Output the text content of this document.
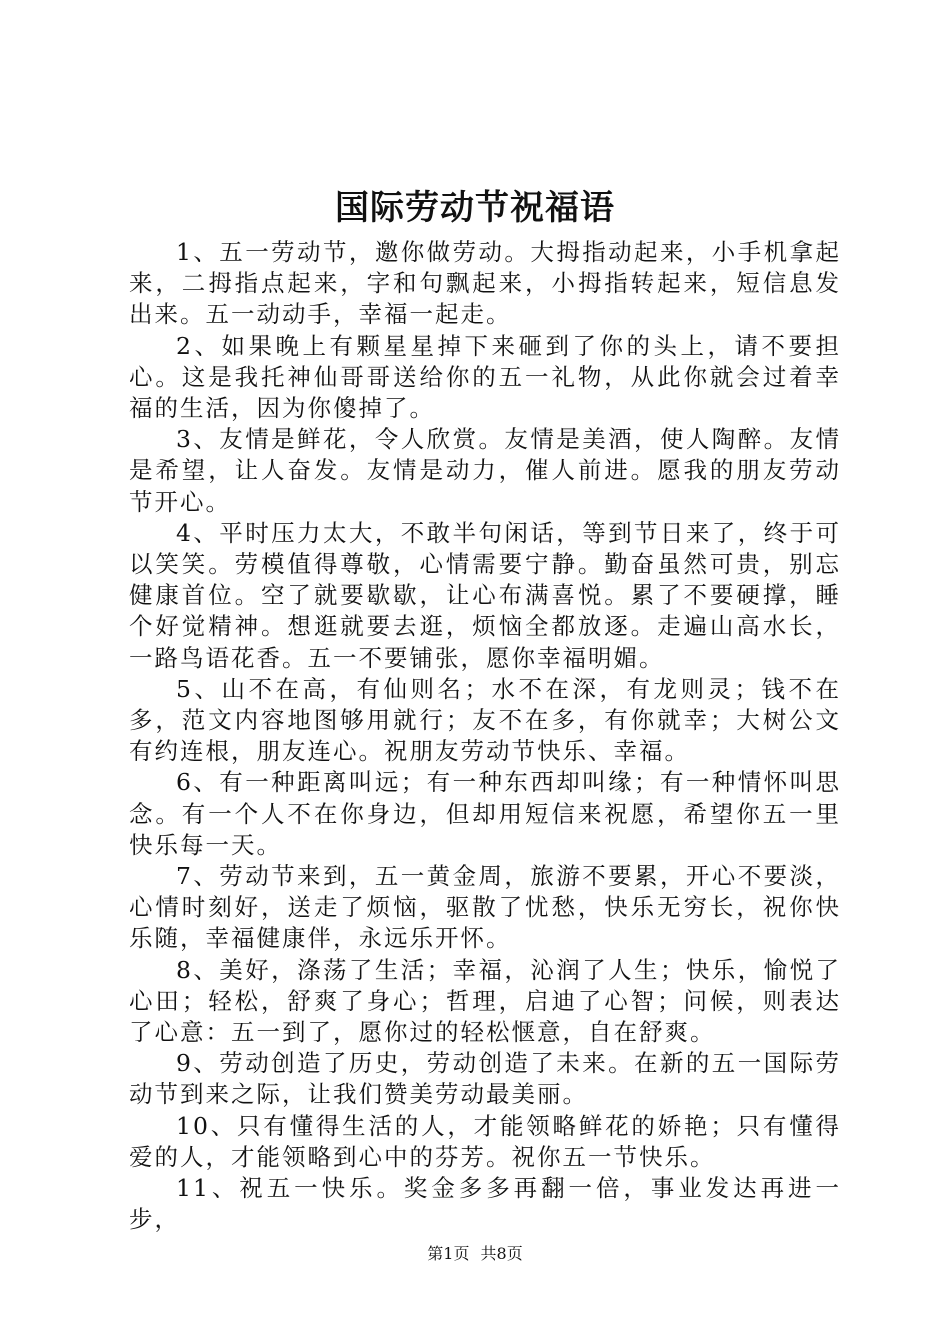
国际劳动节祝福语

1、五一劳动节，邀你做劳动。大拇指动起来，小手机拿起来，二拇指点起来，字和句飘起来，小拇指转起来，短信息发出来。五一动动手，幸福一起走。

2、如果晚上有颗星星掉下来砸到了你的头上，请不要担心。这是我托神仙哥哥送给你的五一礼物，从此你就会过着幸福的生活，因为你傻掉了。

3、友情是鲜花，令人欣赏。友情是美酒，使人陶醉。友情是希望，让人奋发。友情是动力，催人前进。愿我的朋友劳动节开心。

4、平时压力太大，不敢半句闲话，等到节日来了，终于可以笑笑。劳模值得尊敬，心情需要宁静。勤奋虽然可贵，别忘健康首位。空了就要歇歇，让心布满喜悦。累了不要硬撑，睡个好觉精神。想逛就要去逛，烦恼全都放逐。走遍山高水长，一路鸟语花香。五一不要铺张，愿你幸福明媚。

5、山不在高，有仙则名；水不在深，有龙则灵；钱不在多，范文内容地图够用就行；友不在多，有你就幸；大树公文有约连根，朋友连心。祝朋友劳动节快乐、幸福。

6、有一种距离叫远；有一种东西却叫缘；有一种情怀叫思念。有一个人不在你身边，但却用短信来祝愿，希望你五一里快乐每一天。

7、劳动节来到，五一黄金周，旅游不要累，开心不要淡，心情时刻好，送走了烦恼，驱散了忧愁，快乐无穷长，祝你快乐随，幸福健康伴，永远乐开怀。

8、美好，涤荡了生活；幸福，沁润了人生；快乐，愉悦了心田；轻松，舒爽了身心；哲理，启迪了心智；问候，则表达了心意：五一到了，愿你过的轻松惬意，自在舒爽。

9、劳动创造了历史，劳动创造了未来。在新的五一国际劳动节到来之际，让我们赞美劳动最美丽。

10、只有懂得生活的人，才能领略鲜花的娇艳；只有懂得爱的人，才能领略到心中的芬芳。祝你五一节快乐。

11、祝五一快乐。奖金多多再翻一倍，事业发达再进一步，

第1页 共8页
